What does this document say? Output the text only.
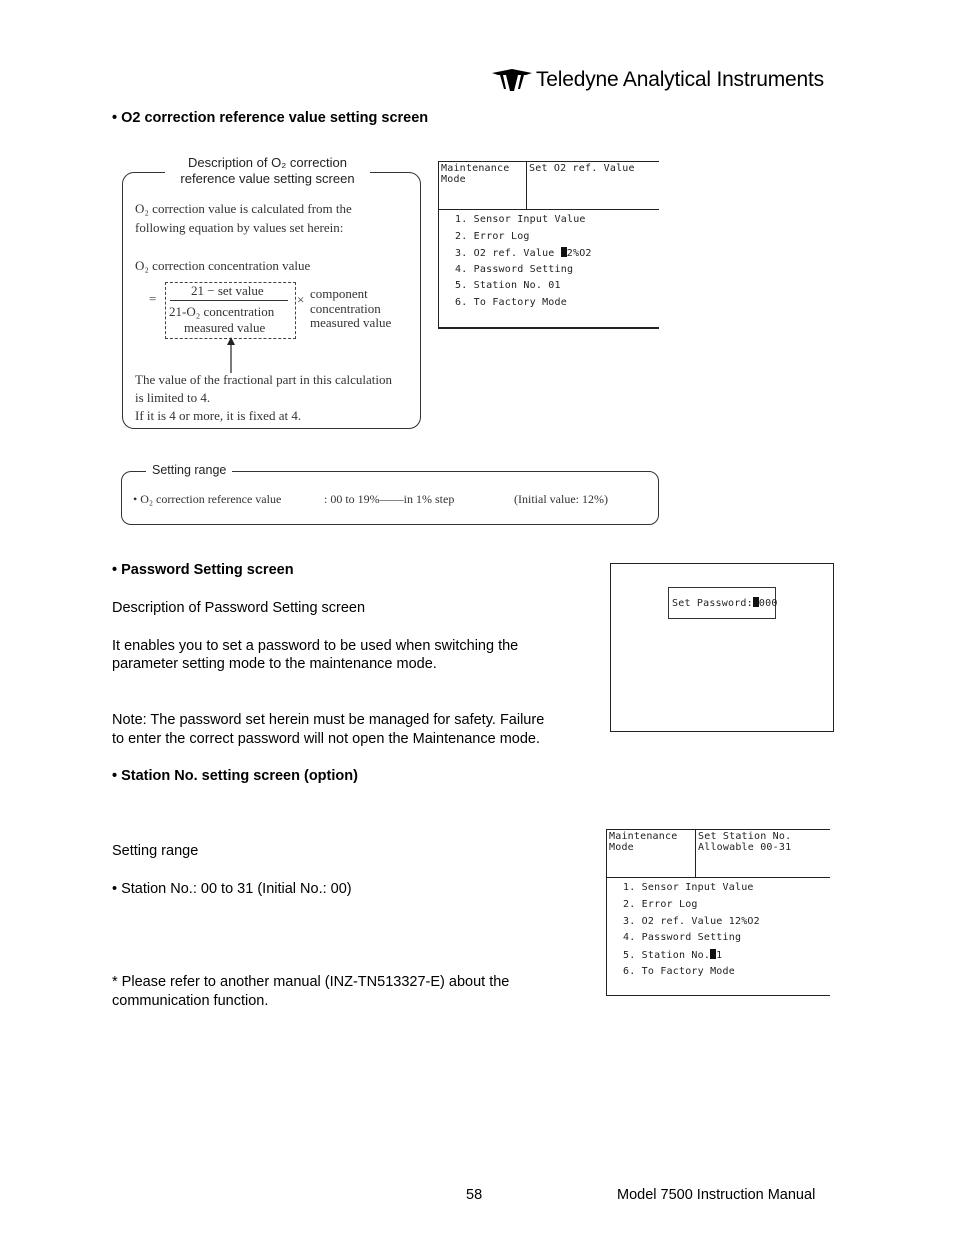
Teledyne Analytical Instruments
• O2 correction reference value setting screen
Description of O₂ correction
reference value setting screen
O₂ correction value is calculated from the
following equation by values set herein:
O₂ correction concentration value
=
21 − set value
21-O₂ concentration
measured value
× component
concentration
measured value
The value of the fractional part in this calculation
is limited to 4.
If it is 4 or more, it is fixed at 4.
Maintenance
Mode
Set O2 ref. Value
1. Sensor Input Value
2. Error Log
3. O2 ref. Value 2%O2
4. Password Setting
5. Station No. 01
6. To Factory Mode
Setting range
• O₂ correction reference value	: 00 to 19%——in 1% step	(Initial value: 12%)
• Password Setting screen
Description of Password Setting screen
It enables you to set a password to be used when switching the
parameter setting mode to the maintenance mode.
Note: The password set herein must be managed for safety. Failure
to enter the correct password will not open the Maintenance mode.
Set Password: 000
• Station No. setting screen (option)
Setting range
• Station No.: 00 to 31 (Initial No.: 00)
* Please refer to another manual (INZ-TN513327-E) about the
communication function.
Maintenance
Mode
Set Station No.
Allowable 00-31
1. Sensor Input Value
2. Error Log
3. O2 ref. Value 12%O2
4. Password Setting
5. Station No. 1
6. To Factory Mode
58	Model 7500 Instruction Manual
